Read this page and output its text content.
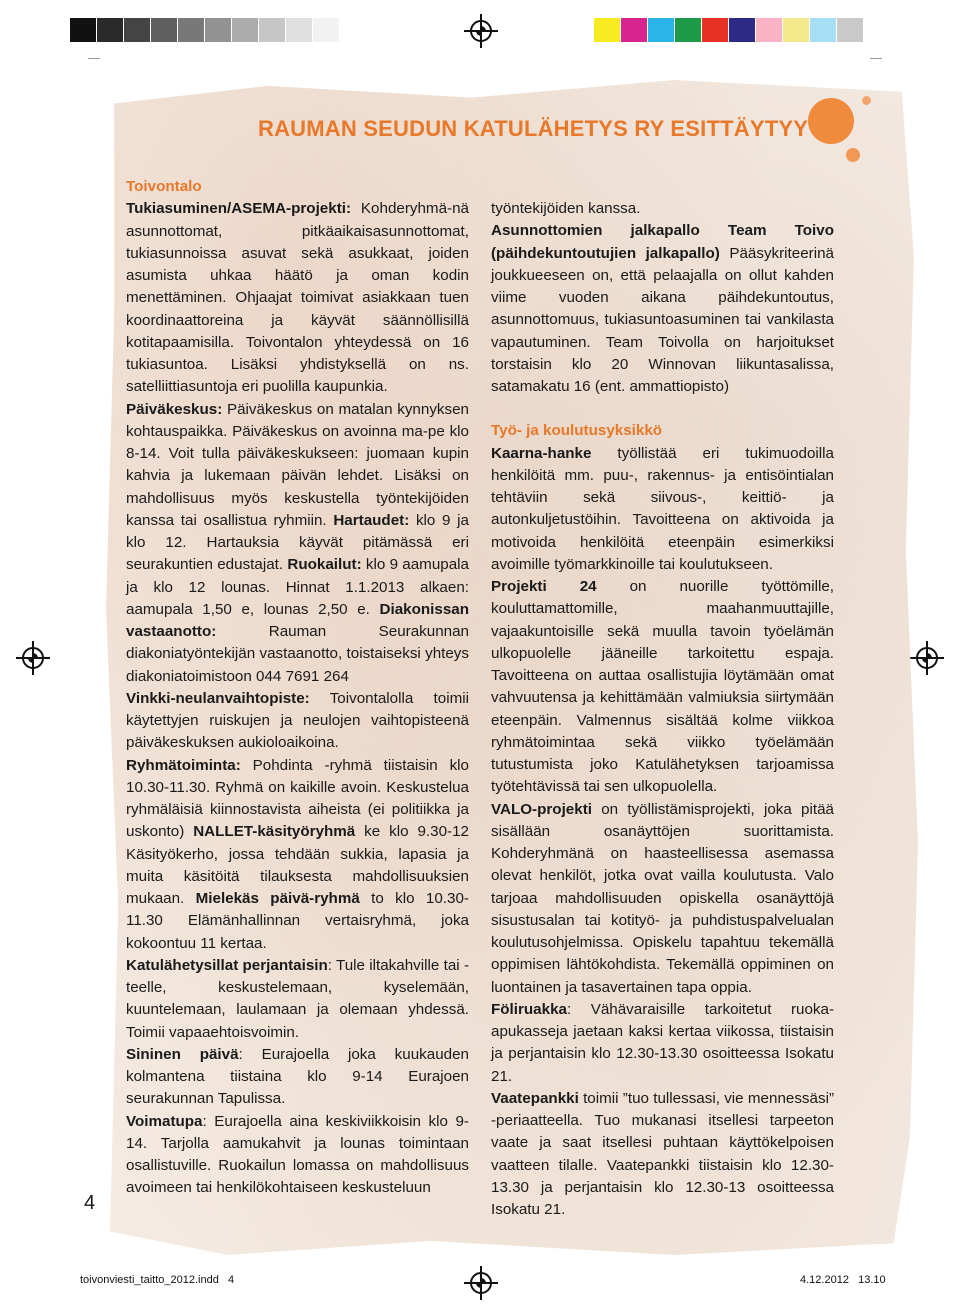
RAUMAN SEUDUN KATULÄHETYS RY ESITTÄYTYY

Toivontalo

Tukiasuminen/ASEMA-projekti: Kohderyhmä-nä asunnottomat, pitkäaikaisasunnottomat, tukiasunnoissa asuvat sekä asukkaat, joiden asumista uhkaa häätö ja oman kodin menettäminen. Ohjaajat toimivat asiakkaan tuen koordinaattoreina ja käyvät säännöllisillä kotitapaamisilla. Toivontalon yhteydessä on 16 tukiasuntoa. Lisäksi yhdistyksellä on ns. satelliittiasuntoja eri puolilla kaupunkia.

Päiväkeskus: Päiväkeskus on matalan kynnyksen kohtauspaikka. Päiväkeskus on avoinna ma-pe klo 8-14. Voit tulla päiväkeskukseen: juomaan kupin kahvia ja lukemaan päivän lehdet. Lisäksi on mahdollisuus myös keskustella työntekijöiden kanssa tai osallistua ryhmiin. Hartaudet: klo 9 ja klo 12. Hartauksia käyvät pitämässä eri seurakuntien edustajat. Ruokailut: klo 9 aamupala ja klo 12 lounas. Hinnat 1.1.2013 alkaen: aamupala 1,50 e, lounas 2,50 e. Diakonissan vastaanotto: Rauman Seurakunnan diakoniatyöntekijän vastaanotto, toistaiseksi yhteys diakoniatoimistoon 044 7691 264

Vinkki-neulanvaihtopiste: Toivontalolla toimii käytettyjen ruiskujen ja neulojen vaihtopisteenä päiväkeskuksen aukioloaikoina.

Ryhmätoiminta: Pohdinta -ryhmä tiistaisin klo 10.30-11.30. Ryhmä on kaikille avoin. Keskustelua ryhmäläisiä kiinnostavista aiheista (ei politiikka ja uskonto) NALLET-käsityöryhmä ke klo 9.30-12 Käsityökerho, jossa tehdään sukkia, lapasia ja muita käsitöitä tilauksesta mahdollisuuksien mukaan. Mielekäs päivä-ryhmä to klo 10.30-11.30 Elämänhallinnan vertaisryhmä, joka kokoontuu 11 kertaa.

Katulähetysillat perjantaisin: Tule iltakahville tai -teelle, keskustelemaan, kyselemään, kuuntelemaan, laulamaan ja olemaan yhdessä. Toimii vapaaehtoisvoimin.

Sininen päivä: Eurajoella joka kuukauden kolmantena tiistaina klo 9-14 Eurajoen seurakunnan Tapulissa.

Voimatupa: Eurajoella aina keskiviikkoisin klo 9-14. Tarjolla aamukahvit ja lounas toimintaan osallistuville. Ruokailun lomassa on mahdollisuus avoimeen tai henkilökohtaiseen keskusteluun

työntekijöiden kanssa.

Asunnottomien jalkapallo Team Toivo (päihdekuntoutujien jalkapallo) Pääsykriteerinä joukkueeseen on, että pelaajalla on ollut kahden viime vuoden aikana päihdekuntoutus, asunnottomuus, tukiasuntoasuminen tai vankilasta vapautuminen. Team Toivolla on harjoitukset torstaisin klo 20 Winnovan liikuntasalissa, satamakatu 16 (ent. ammattiopisto)

Työ- ja koulutusyksikkö

Kaarna-hanke työllistää eri tukimuodoilla henkilöitä mm. puu-, rakennus- ja entisöintialan tehtäviin sekä siivous-, keittiö- ja autonkuljetustöihin. Tavoitteena on aktivoida ja motivoida henkilöitä eteenpäin esimerkiksi avoimille työmarkkinoille tai koulutukseen.

Projekti 24 on nuorille työttömille, kouluttamattomille, maahanmuuttajille, vajaakuntoisille sekä muulla tavoin työelämän ulkopuolelle jääneille tarkoitettu espaja. Tavoitteena on auttaa osallistujia löytämään omat vahvuutensa ja kehittämään valmiuksia siirtymään eteenpäin. Valmennus sisältää kolme viikkoa ryhmätoimintaa sekä viikko työelämään tutustumista joko Katulähetyksen tarjoamissa työtehtävissä tai sen ulkopuolella.

VALO-projekti on työllistämisprojekti, joka pitää sisällään osanäyttöjen suorittamista. Kohderyhmänä on haasteellisessa asemassa olevat henkilöt, jotka ovat vailla koulutusta. Valo tarjoaa mahdollisuuden opiskella osanäyttöjä sisustusalan tai kotityö- ja puhdistuspalvelualan koulutusohjelmissa. Opiskelu tapahtuu tekemällä oppimisen lähtökohdista. Tekemällä oppiminen on luontainen ja tasavertainen tapa oppia.

Föliruakka: Vähävaraisille tarkoitetut ruoka-apukasseja jaetaan kaksi kertaa viikossa, tiistaisin ja perjantaisin klo 12.30-13.30 osoitteessa Isokatu 21.

Vaatepankki toimii ”tuo tullessasi, vie mennessäsi” -periaatteella. Tuo mukanasi itsellesi tarpeeton vaate ja saat itsellesi puhtaan käyttökelpoisen vaatteen tilalle. Vaatepankki tiistaisin klo 12.30-13.30 ja perjantaisin klo 12.30-13 osoitteessa Isokatu 21.

4
toivonviesti_taitto_2012.indd   4	4.12.2012   13.10
